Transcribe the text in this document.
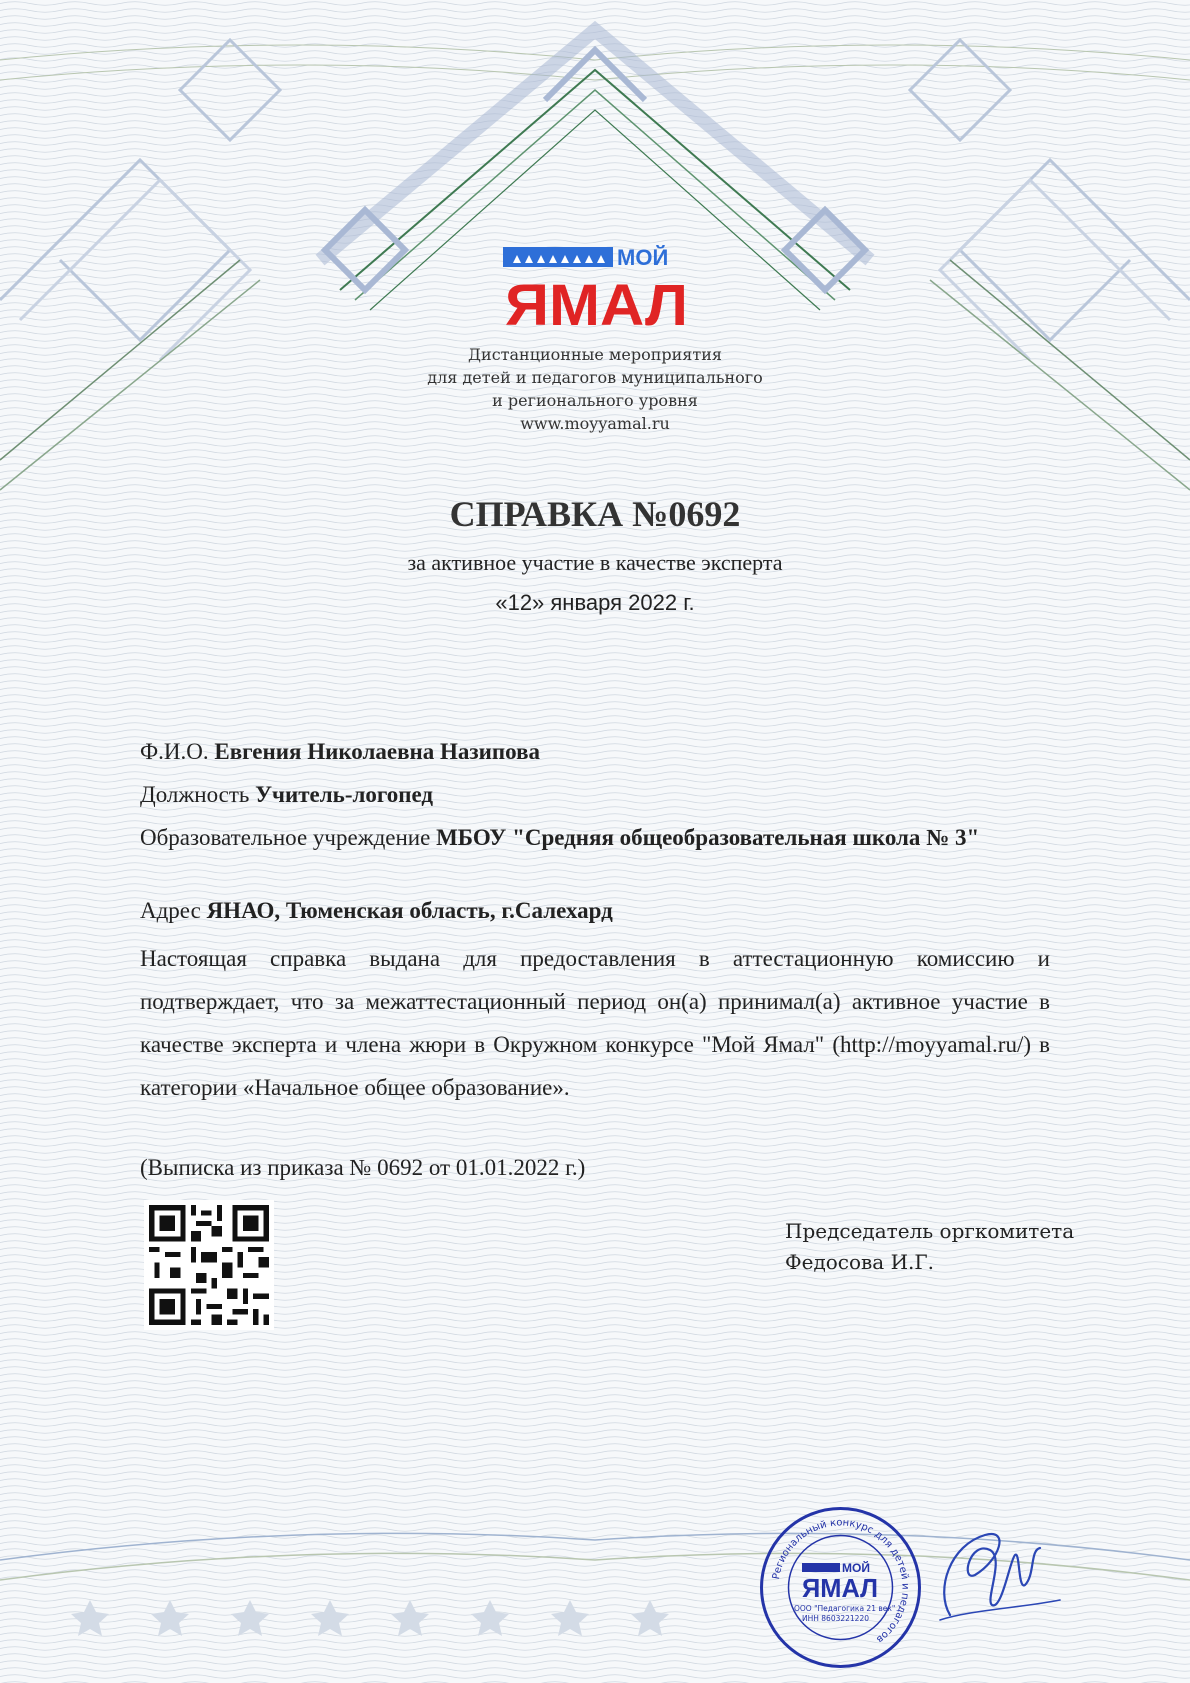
МОЙ
ЯМАЛ
Дистанционные мероприятия
для детей и педагогов муниципального
и регионального уровня
www.moyyamal.ru
СПРАВКА №0692
за активное участие в качестве эксперта
«12» января 2022 г.
Ф.И.О. Евгения Николаевна Назипова
Должность Учитель-логопед
Образовательное учреждение МБОУ "Средняя общеобразовательная школа № 3"
Адрес ЯНАО, Тюменская область, г.Салехард
Настоящая справка выдана для предоставления в аттестационную комиссию и подтверждает, что за межаттестационный период он(а) принимал(а) активное участие в качестве эксперта и члена жюри в Окружном конкурсе "Мой Ямал" (http://moyyamal.ru/) в категории «Начальное общее образование».
(Выписка из приказа № 0692 от 01.01.2022 г.)
Председатель оргкомитета
Федосова И.Г.
Региональный конкурс для детей и педагогов
МОЙ
ЯМАЛ
ООО "Педагогика 21 век"
ИНН 8603221220
